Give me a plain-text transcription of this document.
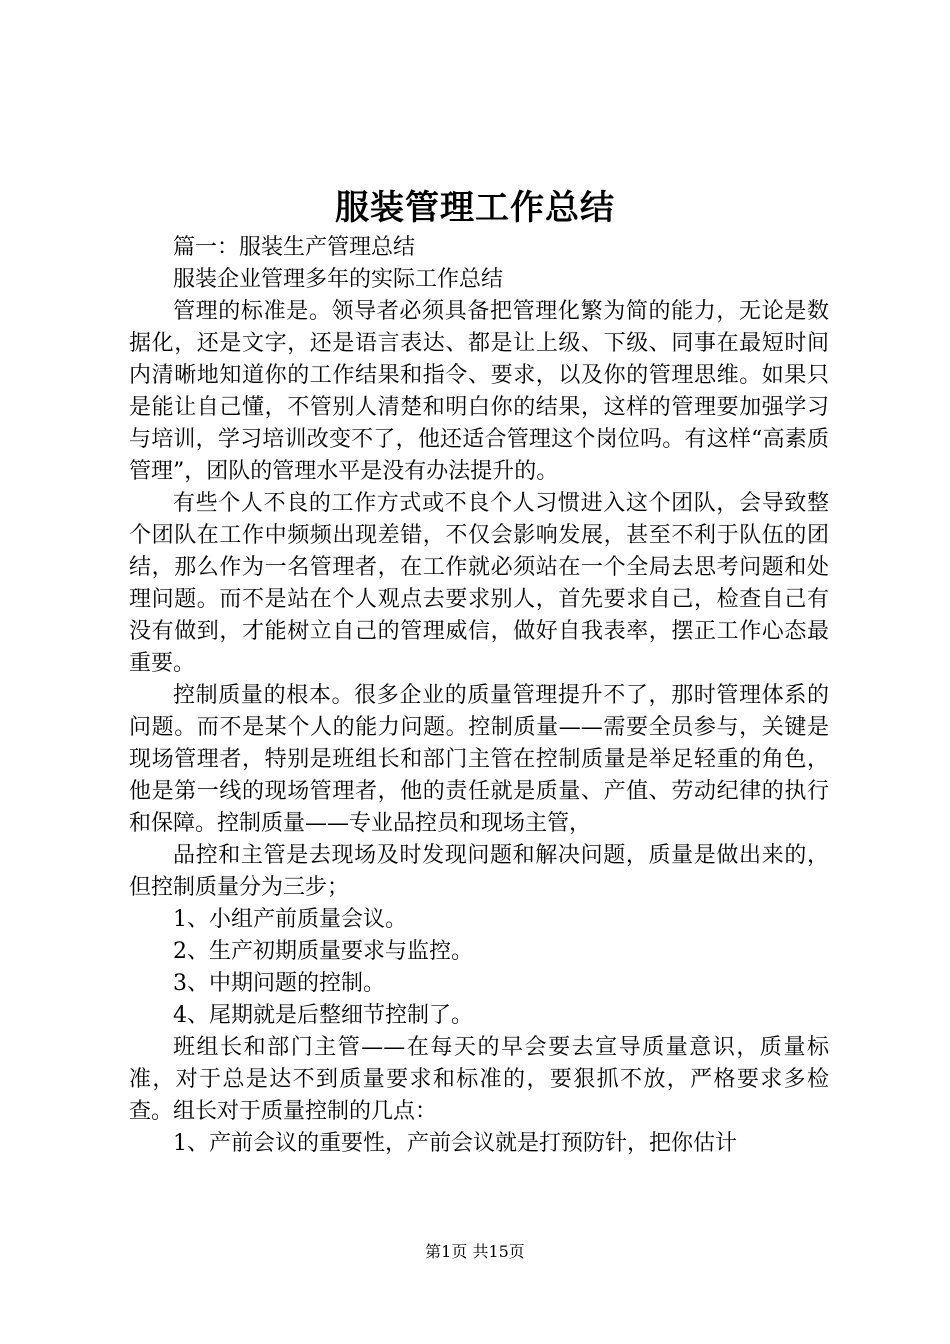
服装管理工作总结

篇一：服装生产管理总结

服装企业管理多年的实际工作总结

管理的标准是。领导者必须具备把管理化繁为简的能力，无论是数据化，还是文字，还是语言表达、都是让上级、下级、同事在最短时间内清晰地知道你的工作结果和指令、要求，以及你的管理思维。如果只是能让自己懂，不管别人清楚和明白你的结果，这样的管理要加强学习与培训，学习培训改变不了，他还适合管理这个岗位吗。有这样“高素质管理”，团队的管理水平是没有办法提升的。

有些个人不良的工作方式或不良个人习惯进入这个团队，会导致整个团队在工作中频频出现差错，不仅会影响发展，甚至不利于队伍的团结，那么作为一名管理者，在工作就必须站在一个全局去思考问题和处理问题。而不是站在个人观点去要求别人，首先要求自己，检查自己有没有做到，才能树立自己的管理威信，做好自我表率，摆正工作心态最重要。

控制质量的根本。很多企业的质量管理提升不了，那时管理体系的问题。而不是某个人的能力问题。控制质量——需要全员参与，关键是现场管理者，特别是班组长和部门主管在控制质量是举足轻重的角色，他是第一线的现场管理者，他的责任就是质量、产值、劳动纪律的执行和保障。控制质量——专业品控员和现场主管，

品控和主管是去现场及时发现问题和解决问题，质量是做出来的，但控制质量分为三步；

1、小组产前质量会议。

2、生产初期质量要求与监控。

3、中期问题的控制。

4、尾期就是后整细节控制了。

班组长和部门主管——在每天的早会要去宣导质量意识，质量标准，对于总是达不到质量要求和标准的，要狠抓不放，严格要求多检查。组长对于质量控制的几点：

1、产前会议的重要性，产前会议就是打预防针，把你估计

第1页 共15页
